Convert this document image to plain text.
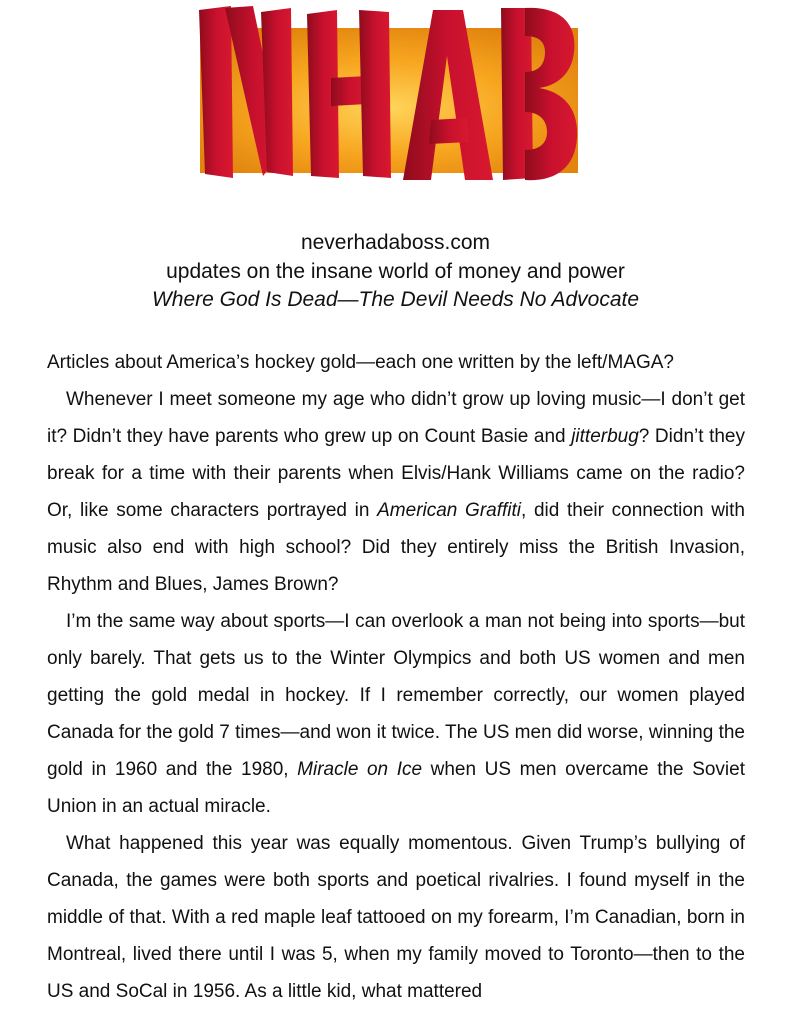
neverhadaboss.com
updates on the insane world of money and power
Where God Is Dead—The Devil Needs No Advocate

Articles about America’s hockey gold—each one written by the left/MAGA?

Whenever I meet someone my age who didn’t grow up loving music—I don’t get it? Didn’t they have parents who grew up on Count Basie and jitterbug? Didn’t they break for a time with their parents when Elvis/Hank Williams came on the radio? Or, like some characters portrayed in American Graffiti, did their connection with music also end with high school? Did they entirely miss the British Invasion, Rhythm and Blues, James Brown?

I’m the same way about sports—I can overlook a man not being into sports—but only barely. That gets us to the Winter Olympics and both US women and men getting the gold medal in hockey. If I remember correctly, our women played Canada for the gold 7 times—and won it twice. The US men did worse, winning the gold in 1960 and the 1980, Miracle on Ice when US men overcame the Soviet Union in an actual miracle.

What happened this year was equally momentous. Given Trump’s bullying of Canada, the games were both sports and poetical rivalries. I found myself in the middle of that. With a red maple leaf tattooed on my forearm, I’m Canadian, born in Montreal, lived there until I was 5, when my family moved to Toronto—then to the US and SoCal in 1956. As a little kid, what mattered
